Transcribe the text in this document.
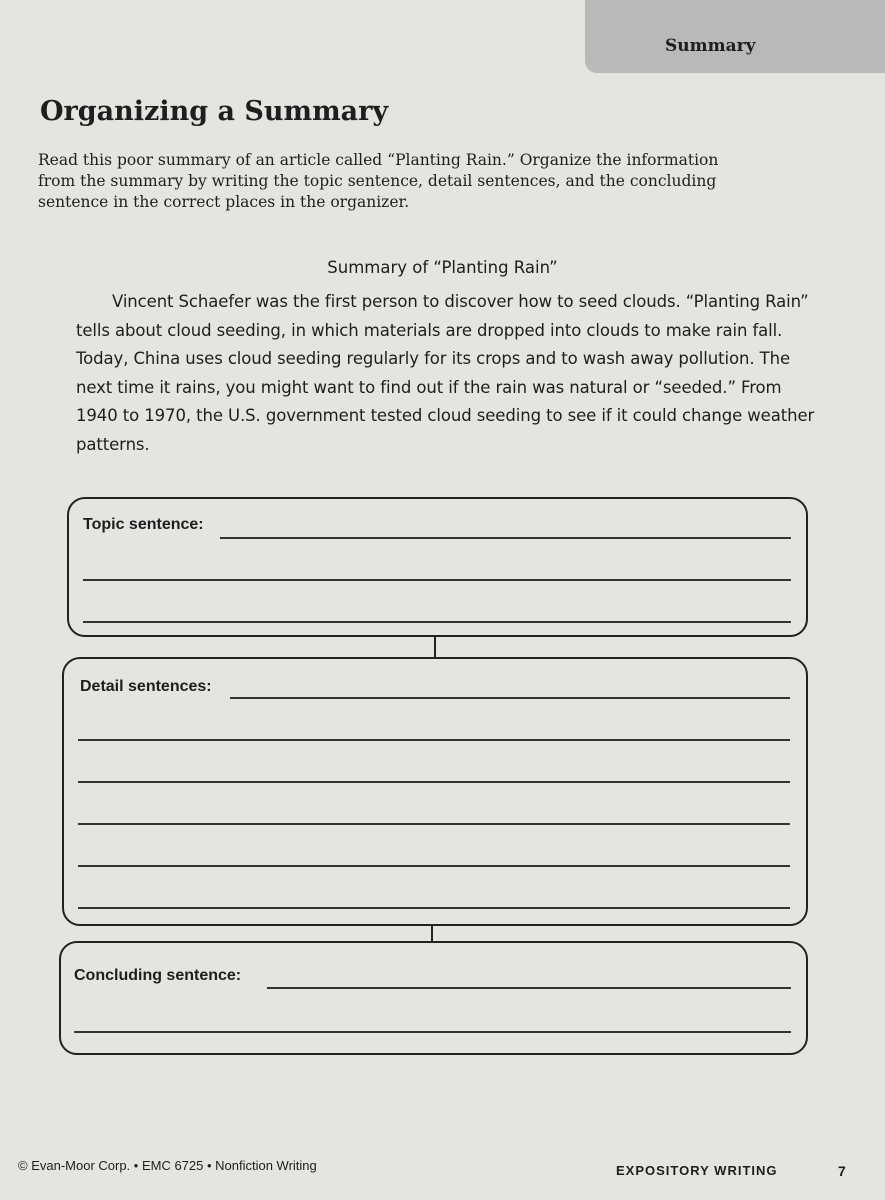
Summary
Organizing a Summary

Read this poor summary of an article called “Planting Rain.” Organize the information from the summary by writing the topic sentence, detail sentences, and the concluding sentence in the correct places in the organizer.

Summary of “Planting Rain”

Vincent Schaefer was the first person to discover how to seed clouds. “Planting Rain” tells about cloud seeding, in which materials are dropped into clouds to make rain fall. Today, China uses cloud seeding regularly for its crops and to wash away pollution. The next time it rains, you might want to find out if the rain was natural or “seeded.” From 1940 to 1970, the U.S. government tested cloud seeding to see if it could change weather patterns.

Topic sentence:
Detail sentences:
Concluding sentence:
© Evan-Moor Corp. • EMC 6725 • Nonfiction Writing	EXPOSITORY WRITING	7
